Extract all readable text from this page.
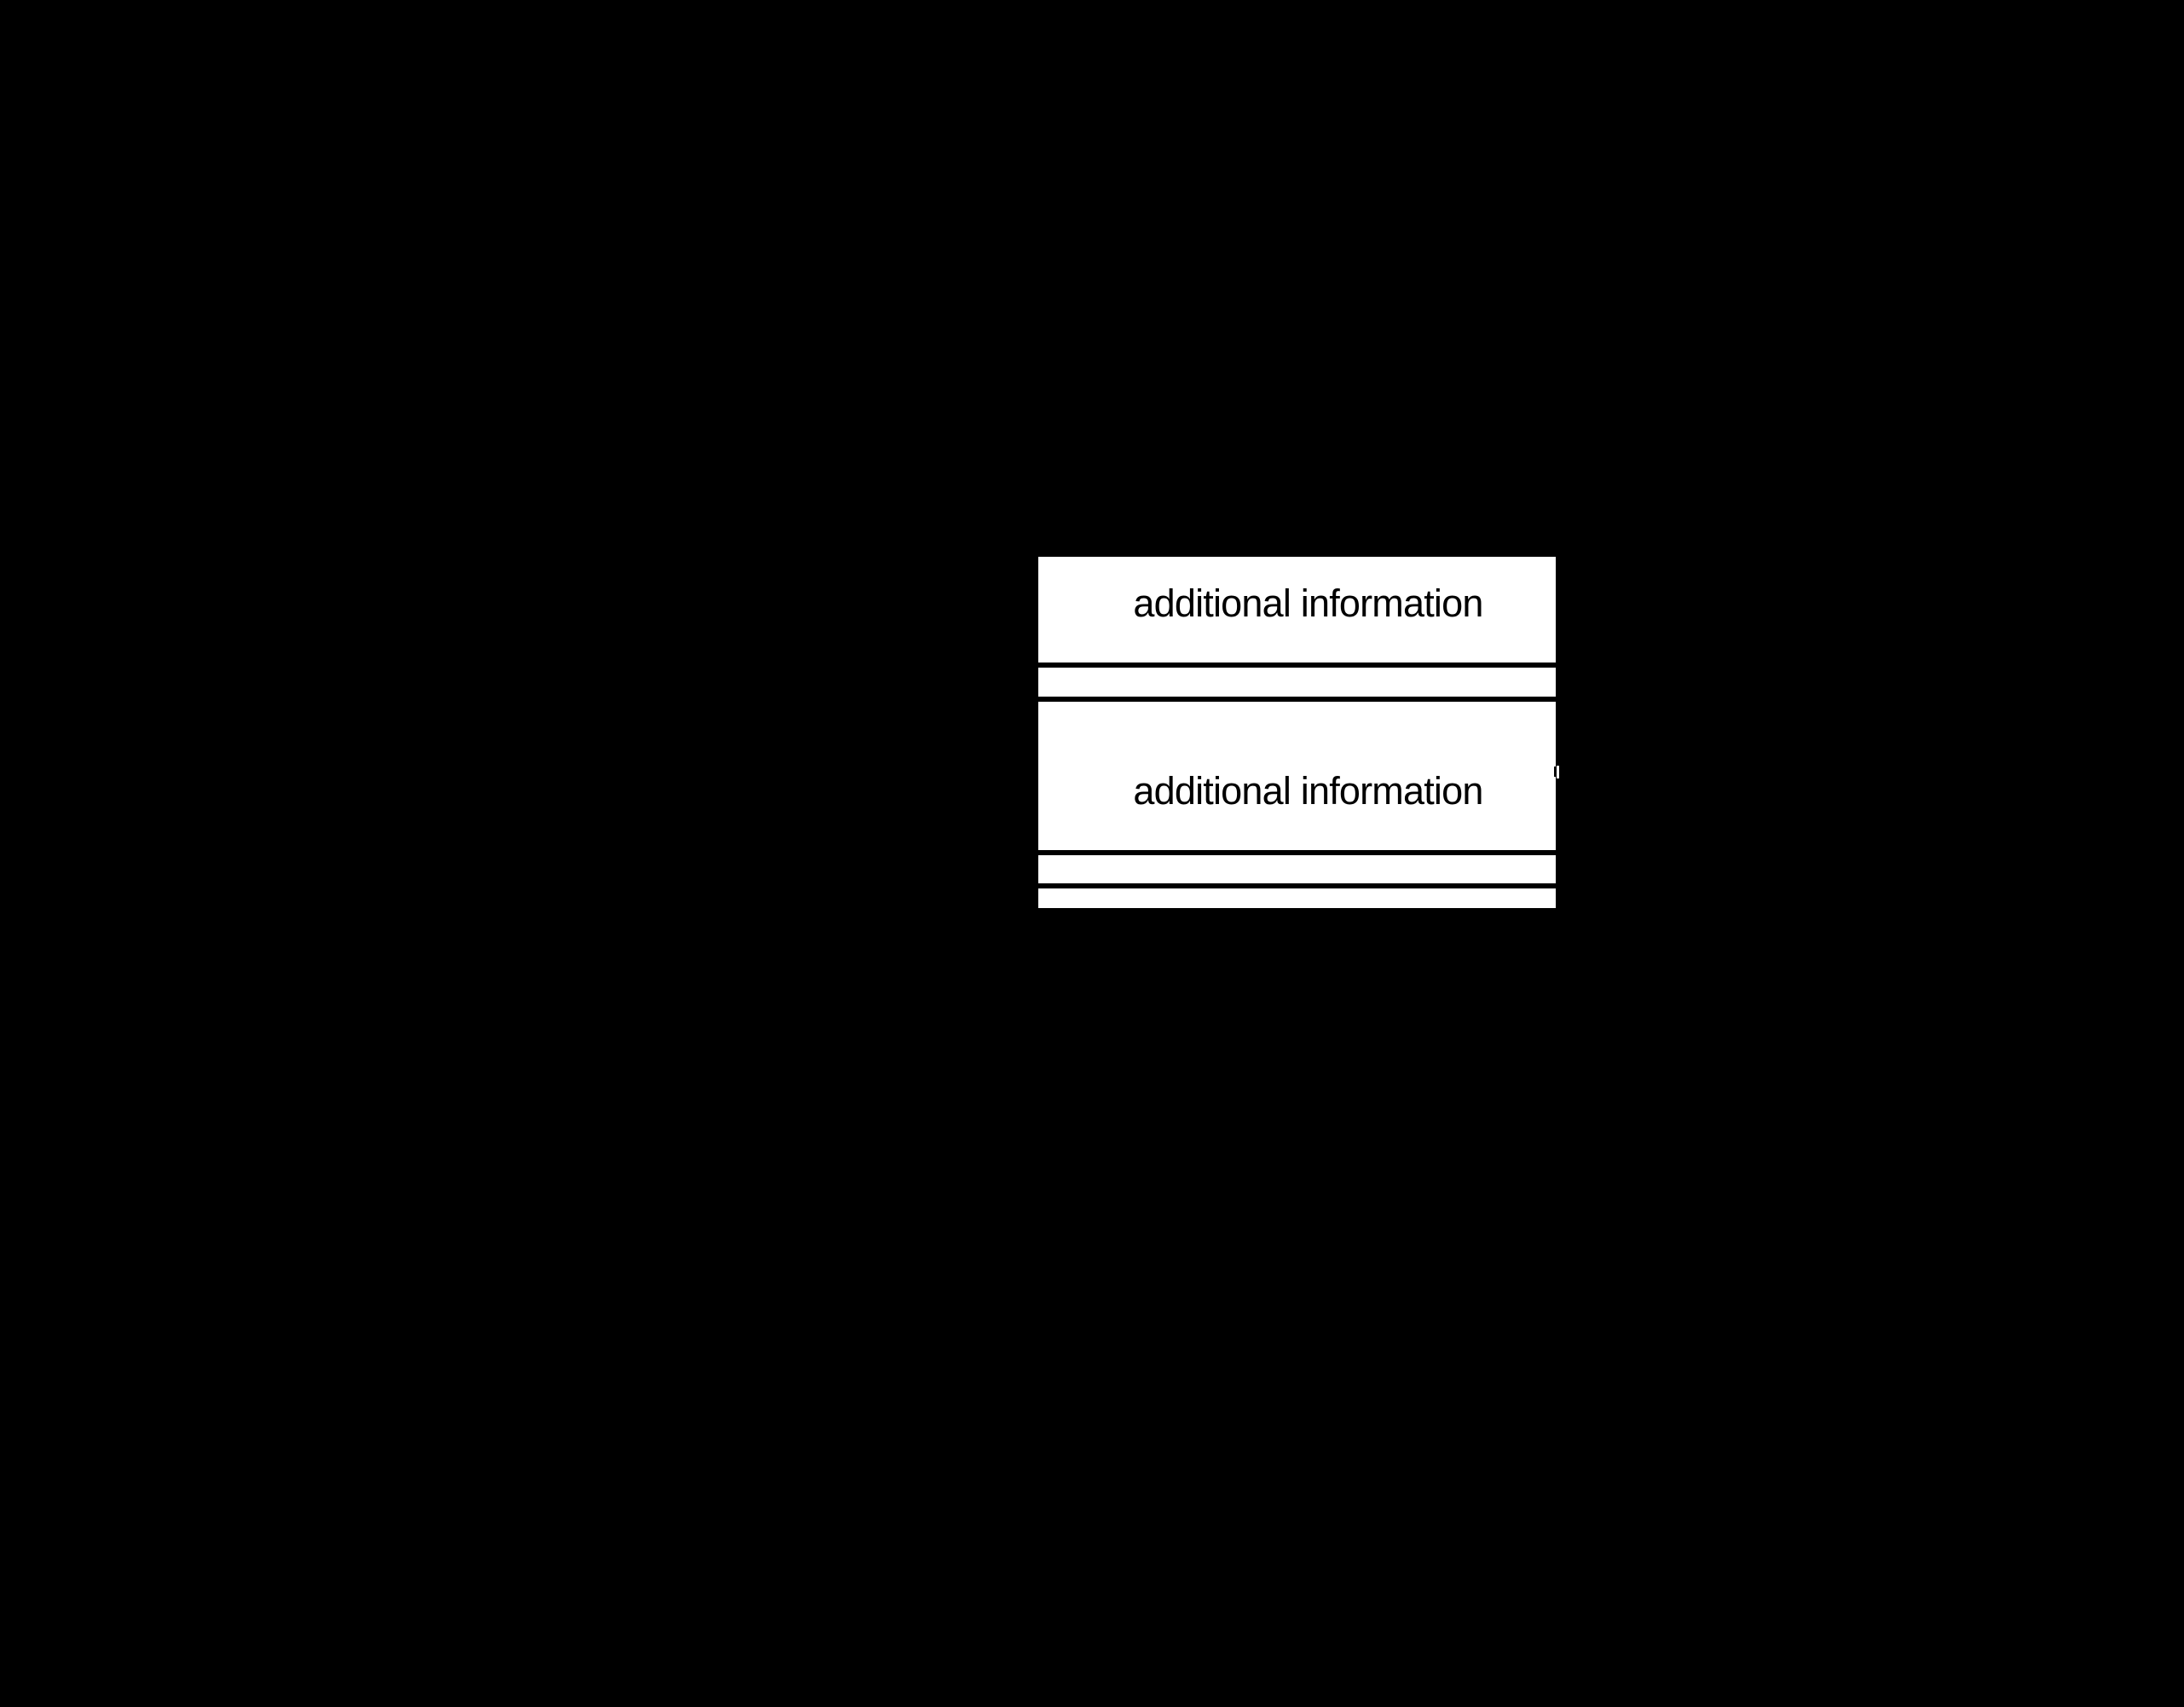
additional information
additional information
